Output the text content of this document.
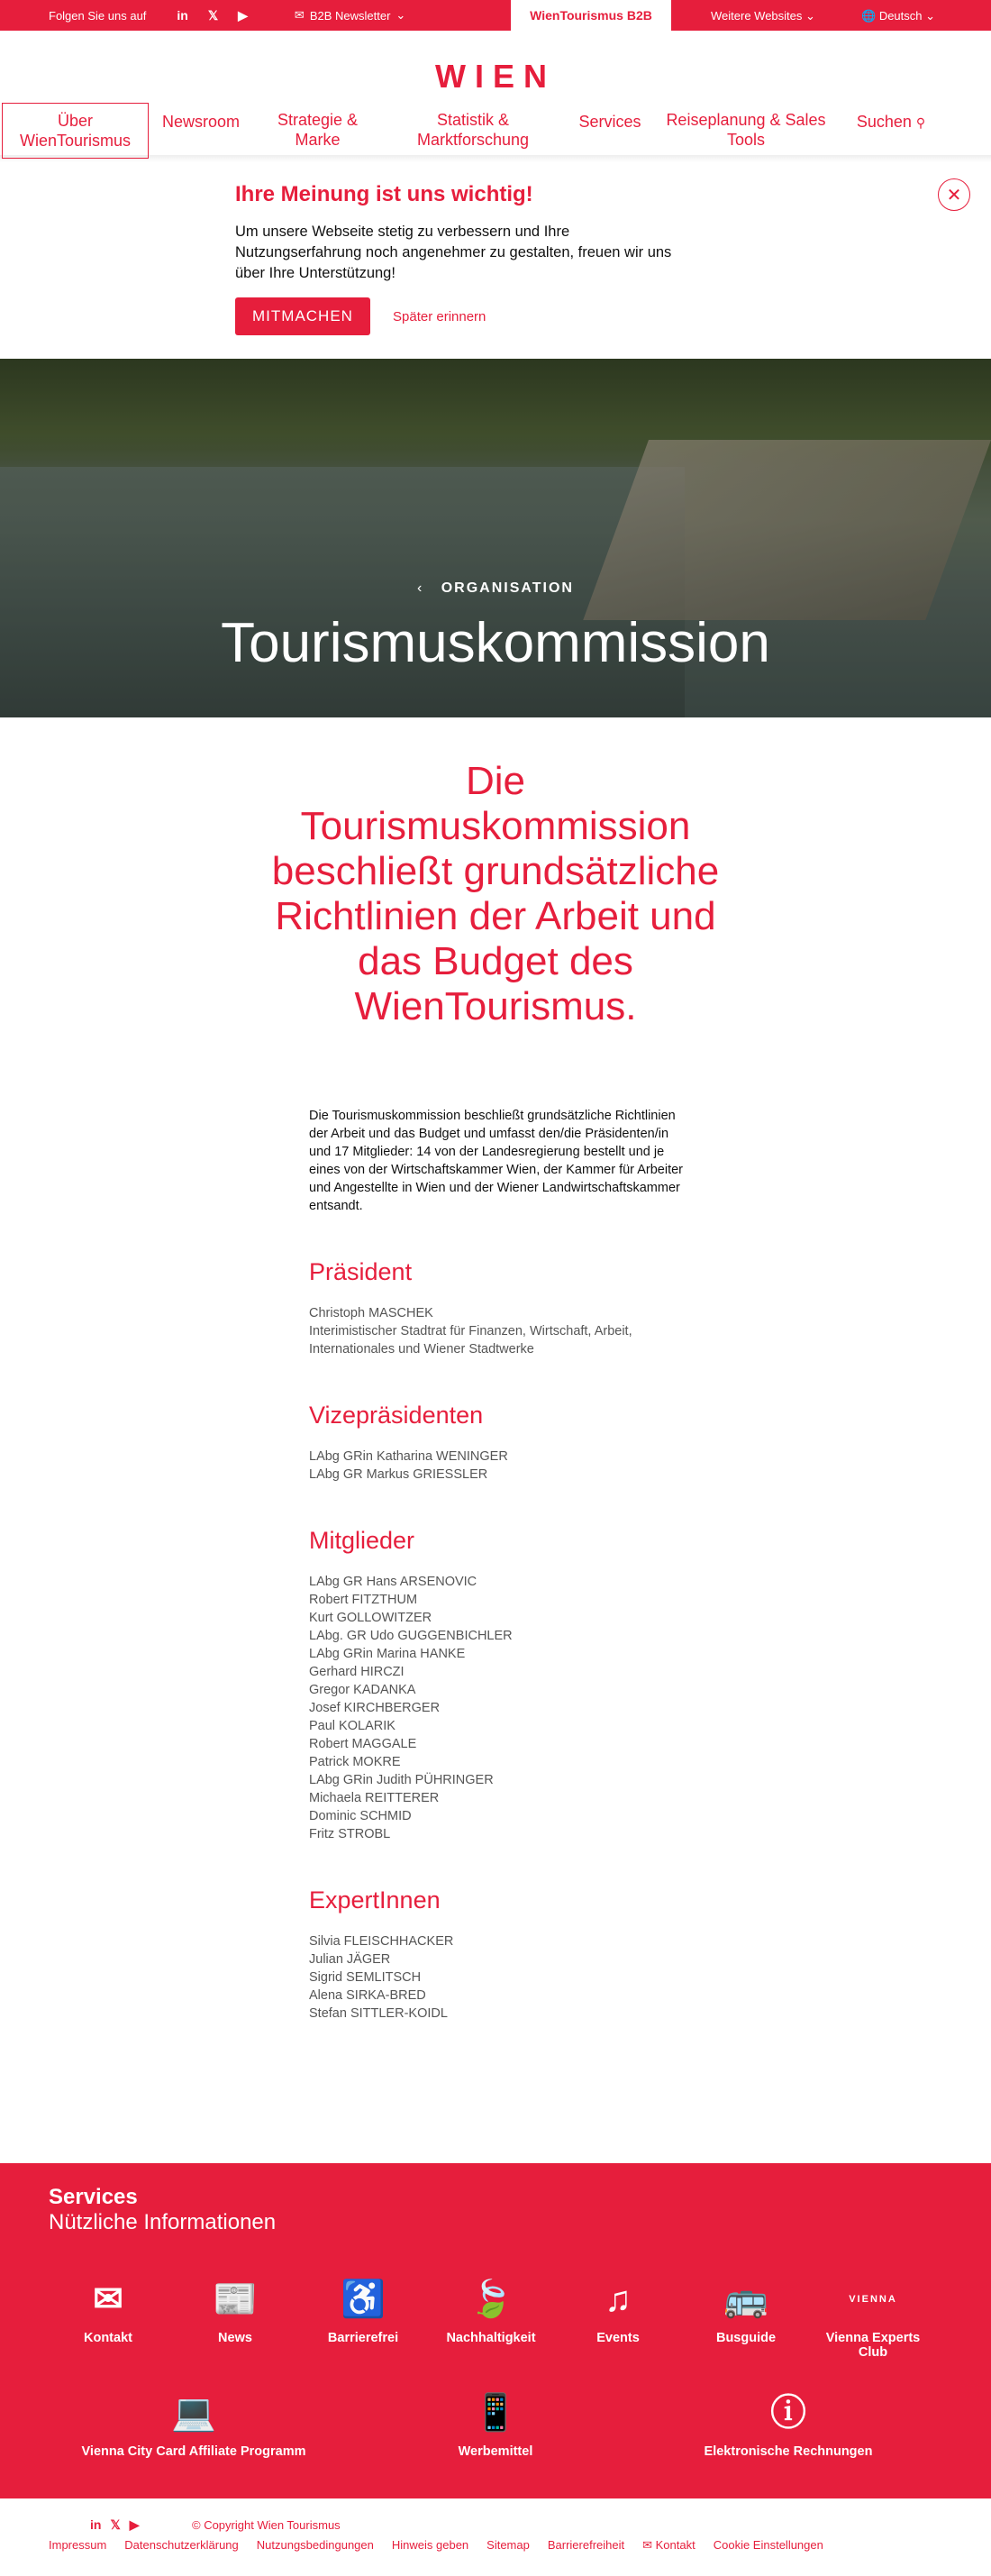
Folgen Sie uns auf in 𝕏 ▶	✉ B2B Newsletter ⌄	WienTourismus B2B	Weitere Websites ⌄	🌐 Deutsch ⌄
WIEN
Über WienTourismus
Newsroom	Strategie & Marke
Statistik & Marktforschung
Services Reiseplanung & Sales Tools
Suchen ⚲
Ihre Meinung ist uns wichtig!

Um unsere Webseite stetig zu verbessern und Ihre Nutzungserfahrung noch angenehmer zu gestalten, freuen wir uns über Ihre Unterstützung!

MITMACHEN	Später erinnern
✕
‹   ORGANISATION
Tourismuskommission
Die Tourismuskommission beschließt grundsätzliche Richtlinien der Arbeit und das Budget des WienTourismus.

Die Tourismuskommission beschließt grundsätzliche Richtlinien der Arbeit und das Budget und umfasst den/die Präsidenten/in und 17 Mitglieder: 14 von der Landesregierung bestellt und je eines von der Wirtschaftskammer Wien, der Kammer für Arbeiter und Angestellte in Wien und der Wiener Landwirtschaftskammer entsandt.

Präsident
Christoph MASCHEK
Interimistischer Stadtrat für Finanzen, Wirtschaft, Arbeit, Internationales und Wiener Stadtwerke
Vizepräsidenten
LAbg GRin Katharina WENINGER
LAbg GR Markus GRIESSLER
Mitglieder
LAbg GR Hans ARSENOVIC
Robert FITZTHUM
Kurt GOLLOWITZER
LAbg. GR Udo GUGGENBICHLER
LAbg GRin Marina HANKE
Gerhard HIRCZI
Gregor KADANKA
Josef KIRCHBERGER
Paul KOLARIK
Robert MAGGALE
Patrick MOKRE
LAbg GRin Judith PÜHRINGER
Michaela REITTERER
Dominic SCHMID
Fritz STROBL
ExpertInnen
Silvia FLEISCHHACKER
Julian JÄGER
Sigrid SEMLITSCH
Alena SIRKA-BRED
Stefan SITTLER-KOIDL
Services
Nützliche Informationen
✉
Kontakt
📰
News
♿
Barrierefrei
🍃
Nachhaltigkeit
♫
Events
🚌
Busguide
VIENNA
Vienna Experts Club
💻
Vienna City Card Affiliate Programm
📱
Werbemittel
ⓘ
Elektronische Rechnungen
in 𝕏 ▶	© Copyright Wien Tourismus
Impressum Datenschutzerklärung Nutzungsbedingungen Hinweis geben Sitemap Barrierefreiheit ✉ Kontakt Cookie Einstellungen
